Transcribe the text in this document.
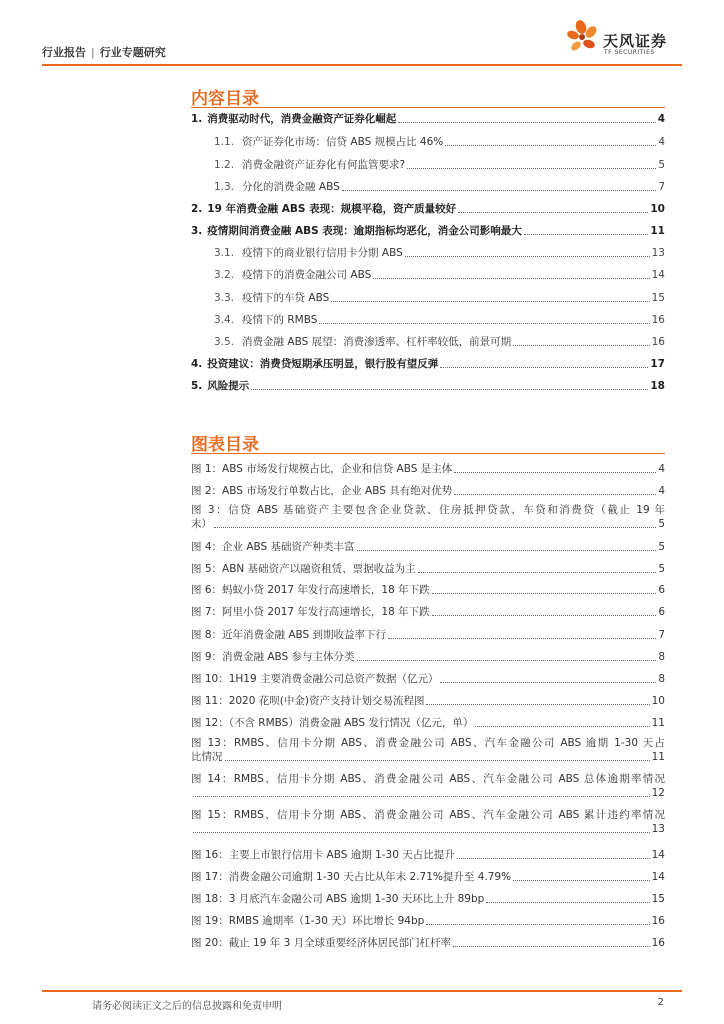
行业报告 | 行业专题研究
天风证券
TF SECURITIES
内容目录
1. 消费驱动时代，消费金融资产证券化崛起	4
1.1. 资产证券化市场：信贷 ABS 规模占比 46%	4
1.2. 消费金融资产证券化有何监管要求?	5
1.3. 分化的消费金融 ABS	7
2. 19 年消费金融 ABS 表现：规模平稳，资产质量较好	10
3. 疫情期间消费金融 ABS 表现：逾期指标均恶化，消金公司影响最大	11
3.1. 疫情下的商业银行信用卡分期 ABS	13
3.2. 疫情下的消费金融公司 ABS	14
3.3. 疫情下的车贷 ABS	15
3.4. 疫情下的 RMBS	16
3.5. 消费金融 ABS 展望：消费渗透率、杠杆率较低，前景可期	16
4. 投资建议：消费贷短期承压明显，银行股有望反弹	17
5. 风险提示	18
图表目录
图 1：ABS 市场发行规模占比，企业和信贷 ABS 是主体	4
图 2：ABS 市场发行单数占比，企业 ABS 具有绝对优势	4
图 3：信贷 ABS 基础资产主要包含企业贷款、住房抵押贷款、车贷和消费贷（截止 19 年
末）	5
图 4：企业 ABS 基础资产种类丰富	5
图 5：ABN 基础资产以融资租赁、票据收益为主	5
图 6：蚂蚁小贷 2017 年发行高速增长，18 年下跌	6
图 7：阿里小贷 2017 年发行高速增长，18 年下跌	6
图 8：近年消费金融 ABS 到期收益率下行	7
图 9：消费金融 ABS 参与主体分类	8
图 10：1H19 主要消费金融公司总资产数据（亿元）	8
图 11：2020 花呗(中金)资产支持计划交易流程图	10
图 12：（不含 RMBS）消费金融 ABS 发行情况（亿元，单）	11
图 13：RMBS、信用卡分期 ABS、消费金融公司 ABS、汽车金融公司 ABS 逾期 1-30 天占
比情况	11
图 14：RMBS、信用卡分期 ABS、消费金融公司 ABS、汽车金融公司 ABS 总体逾期率情况
12
图 15：RMBS、信用卡分期 ABS、消费金融公司 ABS、汽车金融公司 ABS 累计违约率情况
13
图 16：主要上市银行信用卡 ABS 逾期 1-30 天占比提升	14
图 17：消费金融公司逾期 1-30 天占比从年末 2.71%提升至 4.79%	14
图 18：3 月底汽车金融公司 ABS 逾期 1-30 天环比上升 89bp	15
图 19：RMBS 逾期率（1-30 天）环比增长 94bp	16
图 20：截止 19 年 3 月全球重要经济体居民部门杠杆率	16
请务必阅读正文之后的信息披露和免责申明	2
